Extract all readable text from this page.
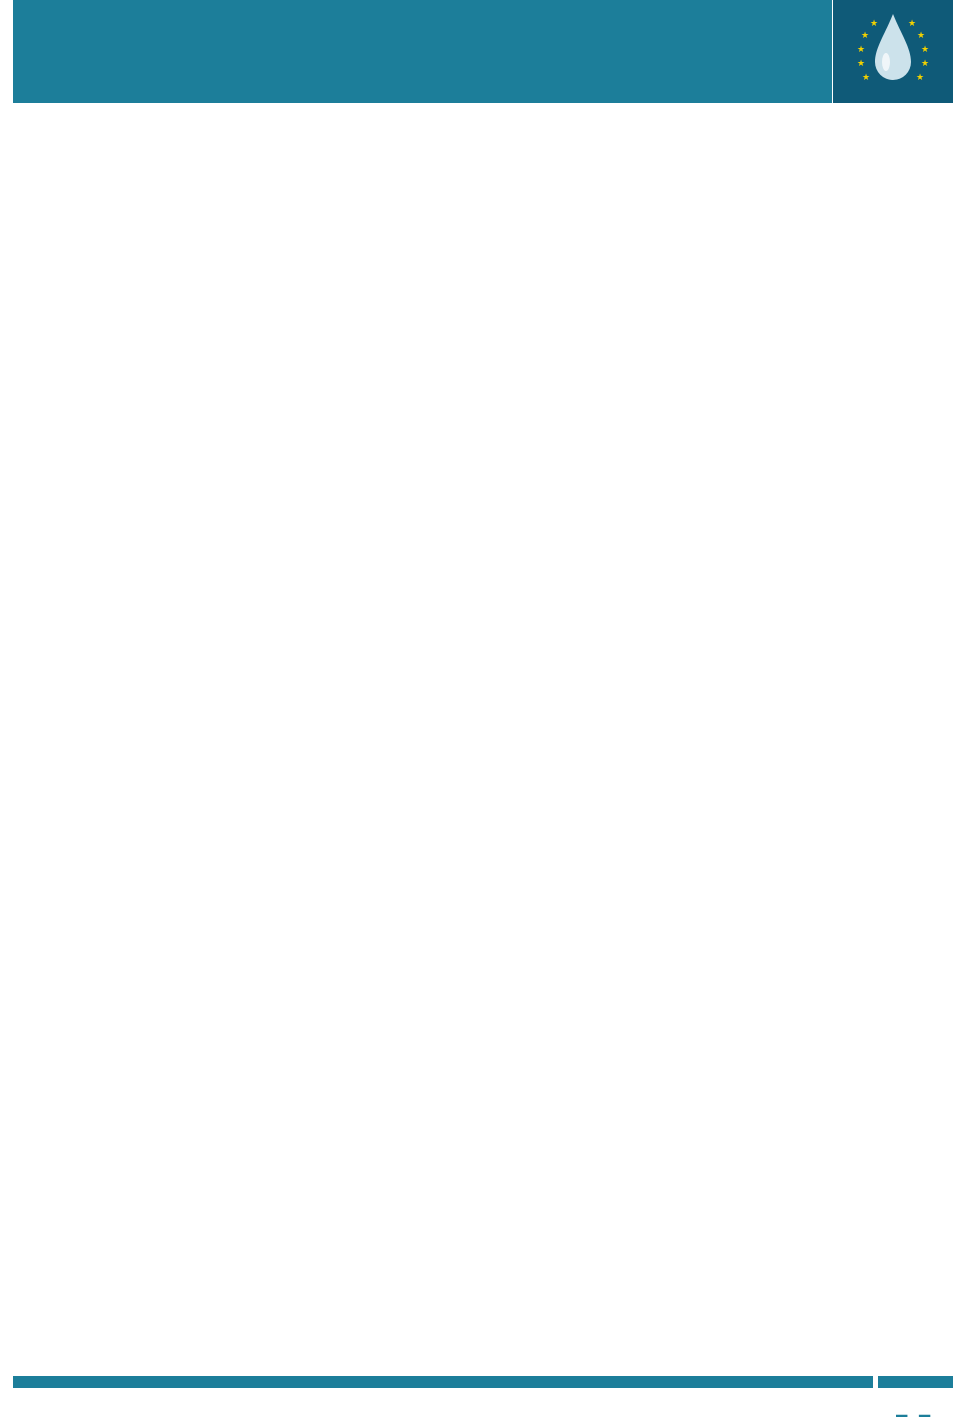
★
★
★
★
★
★
★
★
★
★
— —
